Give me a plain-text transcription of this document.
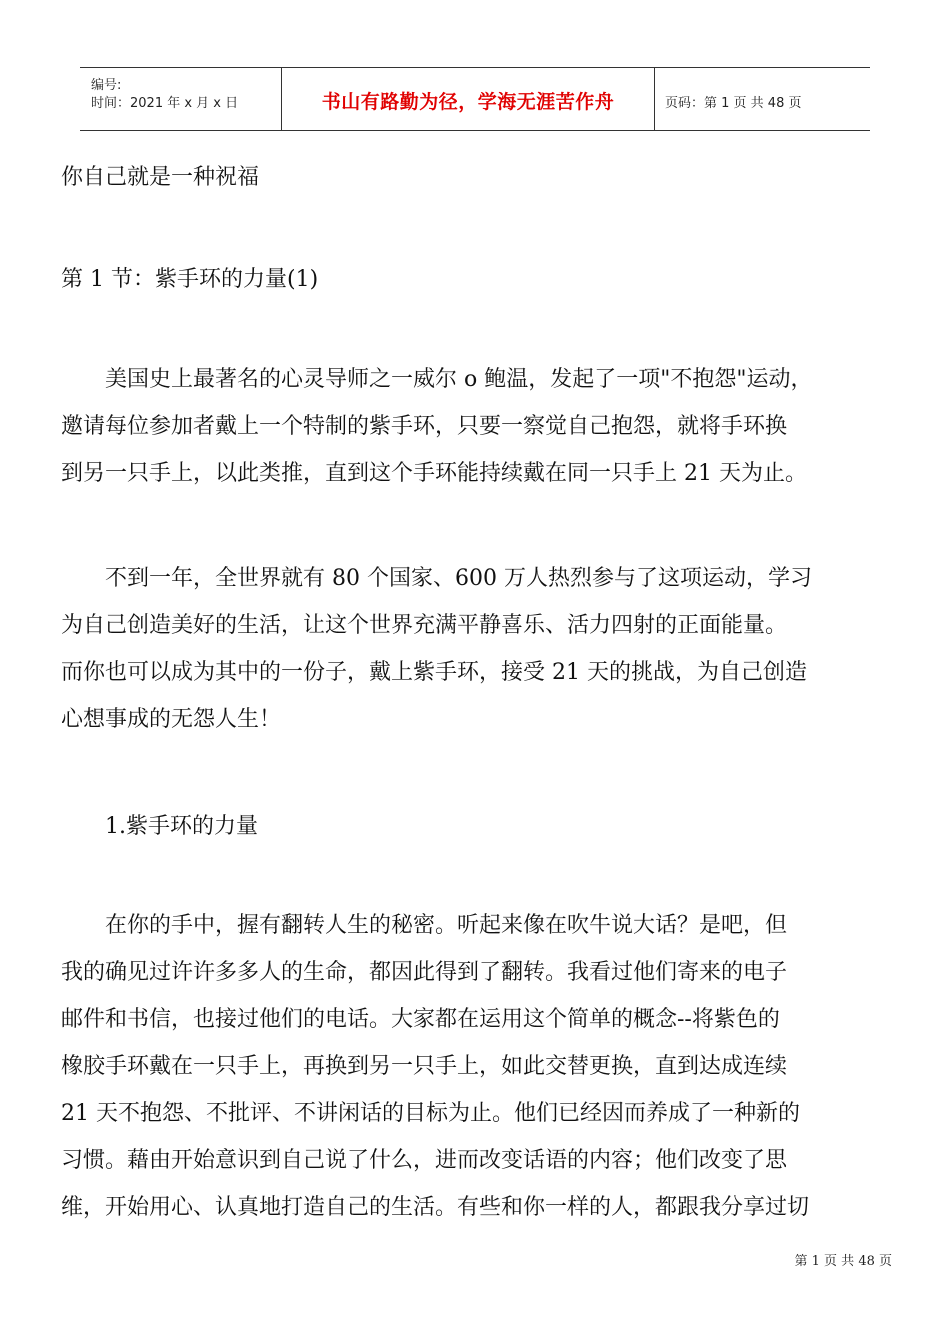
编号:
时间：2021 年 x 月 x 日	书山有路勤为径，学海无涯苦作舟	页码：第 1 页 共 48 页
你自己就是一种祝福
第 1 节：紫手环的力量(1)
　　美国史上最著名的心灵导师之一威尔 o 鲍温，发起了一项"不抱怨"运动，
邀请每位参加者戴上一个特制的紫手环，只要一察觉自己抱怨，就将手环换
到另一只手上，以此类推，直到这个手环能持续戴在同一只手上 21 天为止。
　　不到一年，全世界就有 80 个国家、600 万人热烈参与了这项运动，学习
为自己创造美好的生活，让这个世界充满平静喜乐、活力四射的正面能量。
而你也可以成为其中的一份子，戴上紫手环，接受 21 天的挑战，为自己创造
心想事成的无怨人生！
　　1.紫手环的力量
　　在你的手中，握有翻转人生的秘密。听起来像在吹牛说大话？是吧，但
我的确见过许许多多人的生命，都因此得到了翻转。我看过他们寄来的电子
邮件和书信，也接过他们的电话。大家都在运用这个简单的概念--将紫色的
橡胶手环戴在一只手上，再换到另一只手上，如此交替更换，直到达成连续
21 天不抱怨、不批评、不讲闲话的目标为止。他们已经因而养成了一种新的
习惯。藉由开始意识到自己说了什么，进而改变话语的内容；他们改变了思
维，开始用心、认真地打造自己的生活。有些和你一样的人，都跟我分享过切
第 1 页 共 48 页
